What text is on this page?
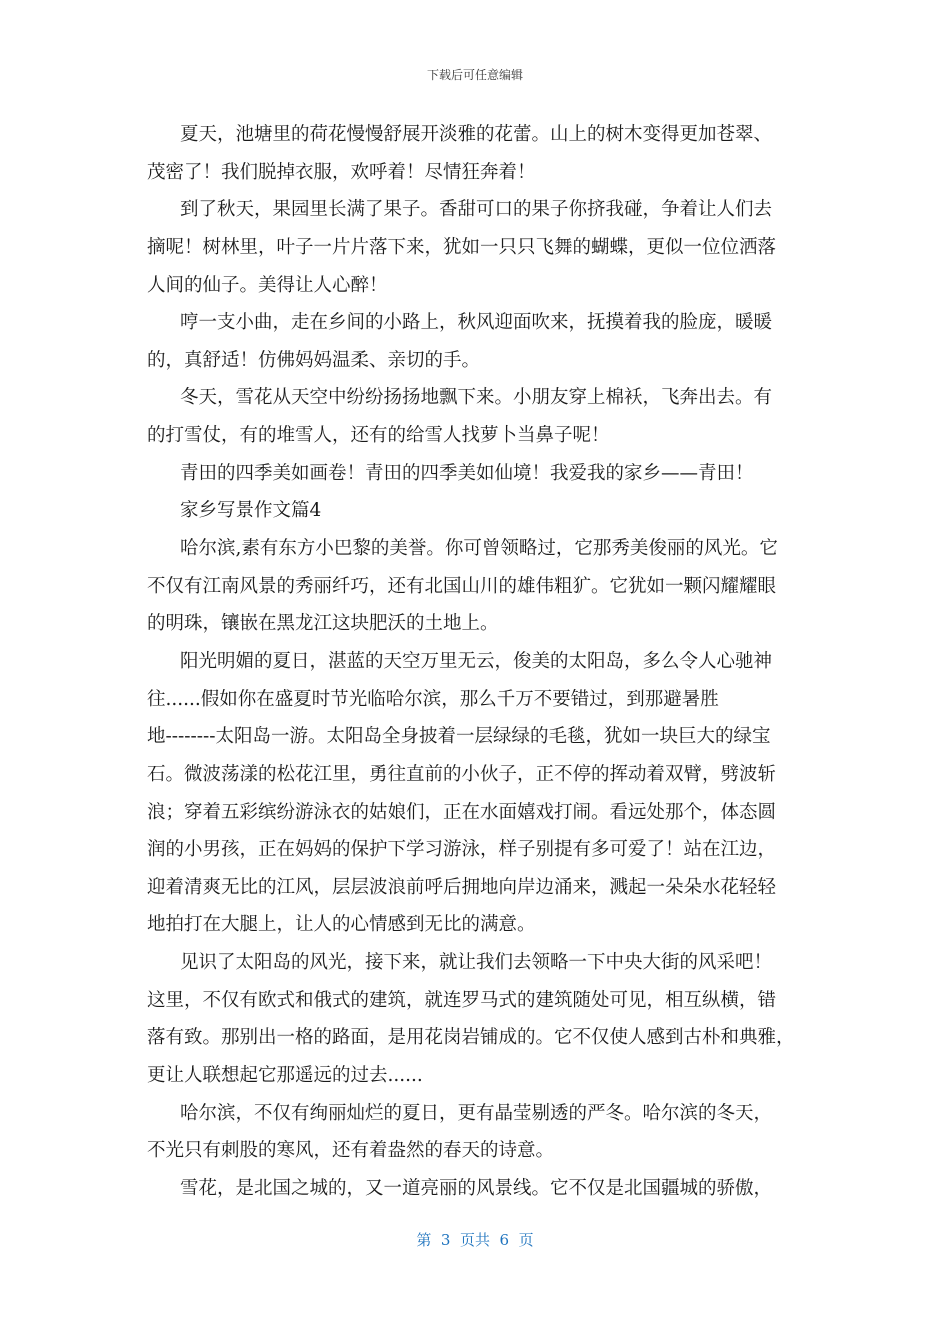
下载后可任意编辑
夏天，池塘里的荷花慢慢舒展开淡雅的花蕾。山上的树木变得更加苍翠、
茂密了！我们脱掉衣服，欢呼着！尽情狂奔着！
到了秋天，果园里长满了果子。香甜可口的果子你挤我碰，争着让人们去
摘呢！树林里，叶子一片片落下来，犹如一只只飞舞的蝴蝶，更似一位位洒落
人间的仙子。美得让人心醉！
哼一支小曲，走在乡间的小路上，秋风迎面吹来，抚摸着我的脸庞，暖暖
的，真舒适！仿佛妈妈温柔、亲切的手。
冬天，雪花从天空中纷纷扬扬地飘下来。小朋友穿上棉袄，飞奔出去。有
的打雪仗，有的堆雪人，还有的给雪人找萝卜当鼻子呢！
青田的四季美如画卷！青田的四季美如仙境！我爱我的家乡——青田！
家乡写景作文篇4
哈尔滨,素有东方小巴黎的美誉。你可曾领略过，它那秀美俊丽的风光。它
不仅有江南风景的秀丽纤巧，还有北国山川的雄伟粗犷。它犹如一颗闪耀耀眼
的明珠，镶嵌在黑龙江这块肥沃的土地上。
阳光明媚的夏日，湛蓝的天空万里无云，俊美的太阳岛，多么令人心驰神
往......假如你在盛夏时节光临哈尔滨，那么千万不要错过，到那避暑胜
地--------太阳岛一游。太阳岛全身披着一层绿绿的毛毯，犹如一块巨大的绿宝
石。微波荡漾的松花江里，勇往直前的小伙子，正不停的挥动着双臂，劈波斩
浪；穿着五彩缤纷游泳衣的姑娘们，正在水面嬉戏打闹。看远处那个，体态圆
润的小男孩，正在妈妈的保护下学习游泳，样子别提有多可爱了！站在江边，
迎着清爽无比的江风，层层波浪前呼后拥地向岸边涌来，溅起一朵朵水花轻轻
地拍打在大腿上，让人的心情感到无比的满意。
见识了太阳岛的风光，接下来，就让我们去领略一下中央大街的风采吧！
这里，不仅有欧式和俄式的建筑，就连罗马式的建筑随处可见，相互纵横，错
落有致。那别出一格的路面，是用花岗岩铺成的。它不仅使人感到古朴和典雅，
更让人联想起它那遥远的过去......
哈尔滨，不仅有绚丽灿烂的夏日，更有晶莹剔透的严冬。哈尔滨的冬天，
不光只有刺股的寒风，还有着盎然的春天的诗意。
雪花，是北国之城的，又一道亮丽的风景线。它不仅是北国疆城的骄傲，
第  3  页共  6  页
